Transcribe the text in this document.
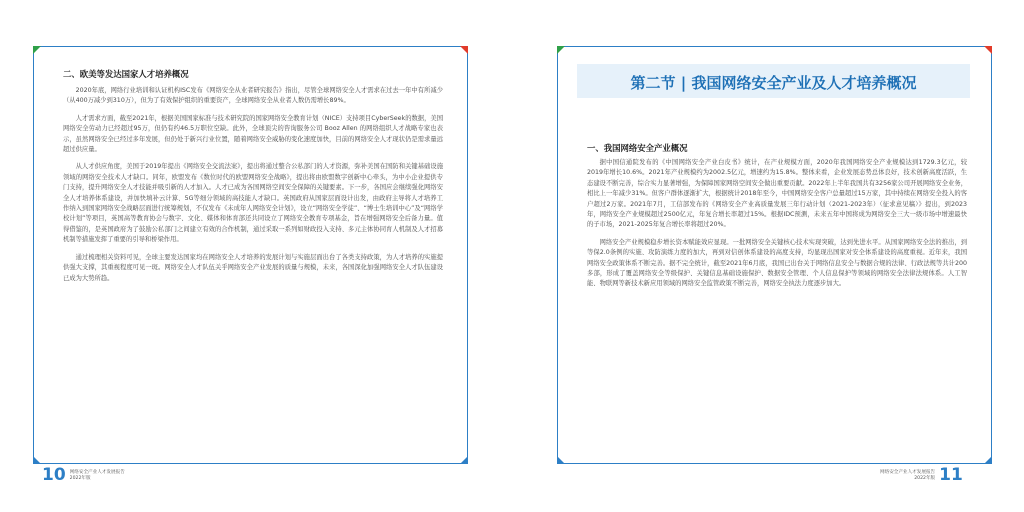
二、欧美等发达国家人才培养概况

2020年底，网络行业培训和认证机构ISC发布《网络安全从业者研究报告》指出，尽管全球网络安全人才需求在过去一年中有所减少（从400万减少到310万），但为了有效保护组织的重要资产，全球网络安全从业者人数仍需增长89%。

人才需求方面，截至2021年，根据美国国家标准与技术研究院的国家网络安全教育计划（NICE）支持项目CyberSeek的数据，美国网络安全劳动力已经超过95万，但仍有约46.5万职位空缺。此外，全球顶尖的咨询服务公司 Booz Allen 的网络组织人才战略专家也表示，虽然网络安全已经过多年发展，但仍处于新兴行业位置，随着网络安全威胁的变化速度加快，目前的网络安全人才现状仍是需求量远超过供应量。

从人才供应角度，美国于2019年提出《网络安全交流法案》，提出将通过整合公私部门的人才资源，弥补美国在国防和关键基础设施领域的网络安全技术人才缺口。同年，欧盟发布《数位时代的欧盟网络安全战略》，提出将由欧盟数字创新中心牵头，为中小企业提供专门支持，提升网络安全人才技能并吸引新的人才加入。人才已成为各国网络空间安全保障的关键要素。下一步，各国应会继续强化网络安全人才培养体系建设，并加快填补云计算、5G等细分领域的高技能人才缺口。英国政府从国家层面设计出发，由政府主导将人才培养工作纳入到国家网络安全战略层面进行统筹规划，不仅发布《未成年人网络安全计划》，设立“网络安全学徒”、“博士生培训中心”及“网络学校计划”等项目，英国高等教育协会与数字、文化、媒体和体育部还共同设立了网络安全教育专项基金，旨在增强网络安全后备力量。值得借鉴的，是英国政府为了鼓励公私部门之间建立有效的合作机制，通过采取一系列如财政投入支持、多元主体协同育人机制及人才招募机制等措施发挥了重要的引导和桥梁作用。

通过梳理相关资料可见，全球主要发达国家均在网络安全人才培养的发展计划与实施层面出台了各类支持政策，为人才培养的实施提供强大支撑，其重视程度可见一斑。网络安全人才队伍关乎网络安全产业发展的质量与规模，未来，各国深化加强网络安全人才队伍建设已成为大势所趋。

第二节 | 我国网络安全产业及人才培养概况
一、我国网络安全产业概况

据中国信通院发布的《中国网络安全产业白皮书》统计，在产业规模方面，2020年我国网络安全产业规模达到1729.3亿元，较2019年增长10.6%。2021年产业规模约为2002.5亿元，增速约为15.8%。整体来看，企业发展态势总体良好，技术创新高度活跃，生态建设不断完善，综合实力显著增强，为保障国家网络空间安全做出重要贡献。2022年上半年我国共有3256家公司开展网络安全业务，相比上一年减少31%。但客户群体逐渐扩大，根据统计2018年至今，中国网络安全客户总量超过15万家，其中持续在网络安全投入的客户超过2万家。2021年7月，工信部发布的《网络安全产业高质量发展三年行动计划（2021-2023年）（征求意见稿）》提出，到2023年，网络安全产业规模超过2500亿元，年复合增长率超过15%。根据IDC预测，未来五年中国将成为网络安全三大一级市场中增速最快的子市场，2021-2025年复合增长率将超过20%。

网络安全产业规模稳步增长资本赋能效应显现。一批网络安全关键核心技术实现突破，达到先进水平。从国家网络安全法的推出，到等保2.0条例的实施、攻防演练力度的加大，再到对信创体系建设的高度支持，均显现出国家对安全体系建设的高度重视。近年来，我国网络安全政策体系不断完善。据不完全统计，截至2021年6月底，我国已出台关于网络信息安全与数据合规的法律、行政法规等共计200多部，形成了覆盖网络安全等级保护、关键信息基础设施保护、数据安全管理、个人信息保护等领域的网络安全法律法规体系。人工智能、物联网等新技术新应用领域的网络安全监管政策不断完善，网络安全执法力度逐步加大。

10 网络安全产业人才发展报告
2022年版
网络安全产业人才发展报告
2022年版 11
